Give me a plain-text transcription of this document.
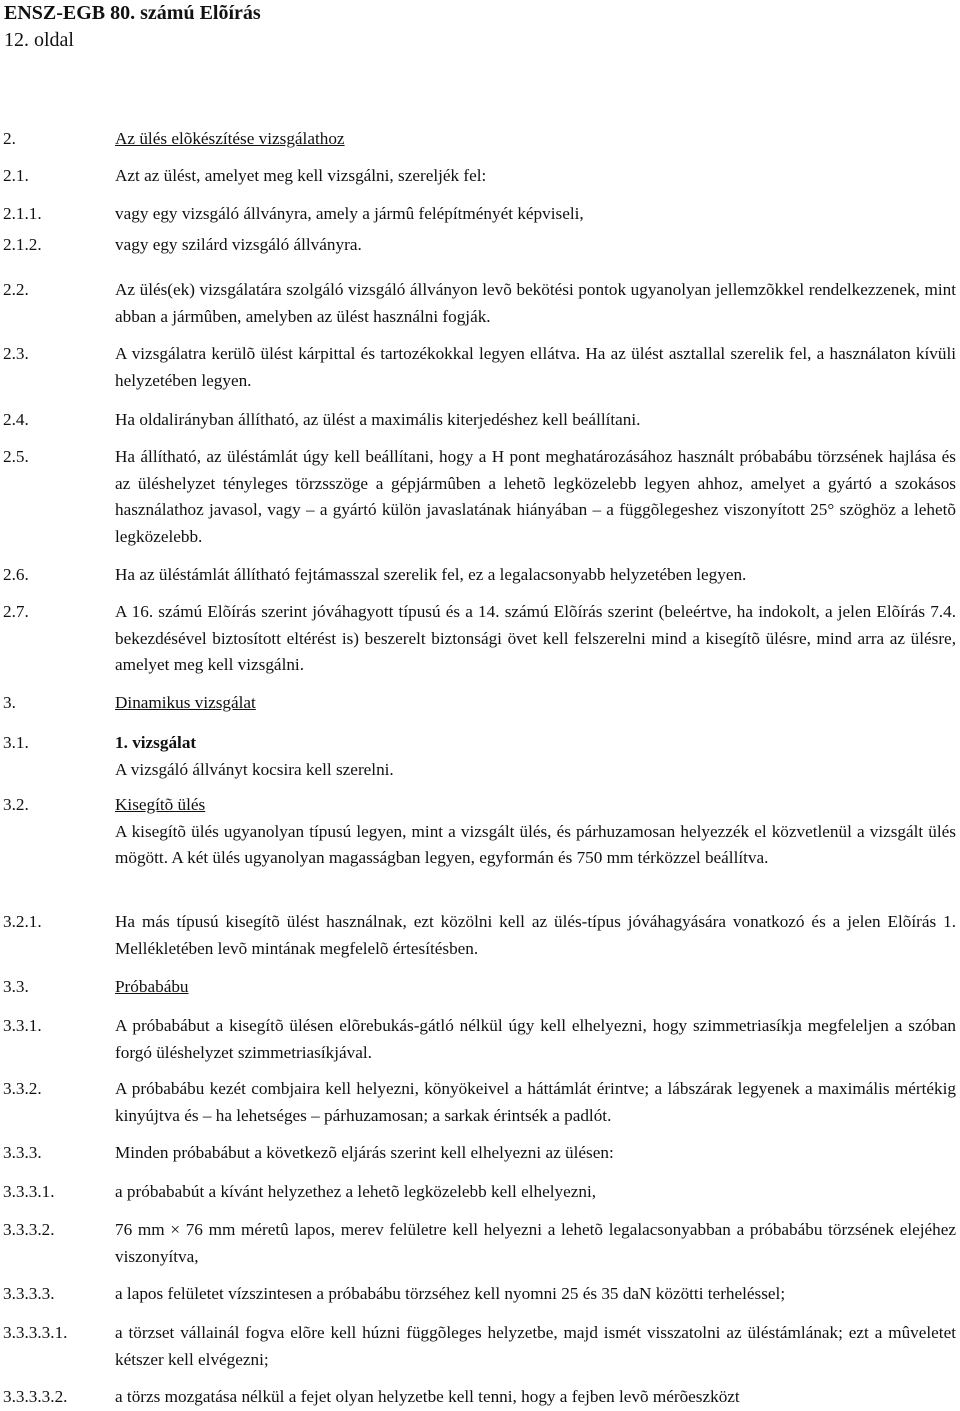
ENSZ-EGB 80. számú Elõírás
12. oldal
2.	Az ülés elõkészítése vizsgálathoz
2.1.	Azt az ülést, amelyet meg kell vizsgálni, szereljék fel:
2.1.1.	vagy egy vizsgáló állványra, amely a jármû felépítményét képviseli,
2.1.2.	vagy egy szilárd vizsgáló állványra.
2.2.	Az ülés(ek) vizsgálatára szolgáló vizsgáló állványon levõ bekötési pontok ugyanolyan jellemzõkkel rendelkezzenek, mint abban a jármûben, amelyben az ülést használni fogják.
2.3.	A vizsgálatra kerülõ ülést kárpittal és tartozékokkal legyen ellátva. Ha az ülést asztallal szerelik fel, a használaton kívüli helyzetében legyen.
2.4.	Ha oldalirányban állítható, az ülést a maximális kiterjedéshez kell beállítani.
2.5.	Ha állítható, az üléstámlát úgy kell beállítani, hogy a H pont meghatározásához használt próbabábu törzsének hajlása és az üléshelyzet tényleges törzsszöge a gépjármûben a lehetõ legközelebb legyen ahhoz, amelyet a gyártó a szokásos használathoz javasol, vagy – a gyártó külön javaslatának hiányában – a függõlegeshez viszonyított 25° szöghöz a lehetõ legközelebb.
2.6.	Ha az üléstámlát állítható fejtámasszal szerelik fel, ez a legalacsonyabb helyzetében legyen.
2.7.	A 16. számú Elõírás szerint jóváhagyott típusú és a 14. számú Elõírás szerint (beleértve, ha indokolt, a jelen Elõírás 7.4. bekezdésével biztosított eltérést is) beszerelt biztonsági övet kell felszerelni mind a kisegítõ ülésre, mind arra az ülésre, amelyet meg kell vizsgálni.
3.	Dinamikus vizsgálat
3.1.	1. vizsgálat
A vizsgáló állványt kocsira kell szerelni.
3.2.	Kisegítõ ülés
A kisegítõ ülés ugyanolyan típusú legyen, mint a vizsgált ülés, és párhuzamosan helyezzék el közvetlenül a vizsgált ülés mögött. A két ülés ugyanolyan magasságban legyen, egyformán és 750 mm térközzel beállítva.
3.2.1.	Ha más típusú kisegítõ ülést használnak, ezt közölni kell az ülés-típus jóváhagyására vonatkozó és a jelen Elõírás 1. Mellékletében levõ mintának megfelelõ értesítésben.
3.3.	Próbabábu
3.3.1.	A próbabábut a kisegítõ ülésen elõrebukás-gátló nélkül úgy kell elhelyezni, hogy szimmetriasíkja megfeleljen a szóban forgó üléshelyzet szimmetriasíkjával.
3.3.2.	A próbabábu kezét combjaira kell helyezni, könyökeivel a háttámlát érintve; a lábszárak legyenek a maximális mértékig kinyújtva és – ha lehetséges – párhuzamosan; a sarkak érintsék a padlót.
3.3.3.	Minden próbabábut a következõ eljárás szerint kell elhelyezni az ülésen:
3.3.3.1.	a próbababút a kívánt helyzethez a lehetõ legközelebb kell elhelyezni,
3.3.3.2.	76 mm × 76 mm méretû lapos, merev felületre kell helyezni a lehetõ legalacsonyabban a próbabábu törzsének elejéhez viszonyítva,
3.3.3.3.	a lapos felületet vízszintesen a próbabábu törzséhez kell nyomni 25 és 35 daN közötti terheléssel;
3.3.3.3.1.	a törzset vállainál fogva elõre kell húzni függõleges helyzetbe, majd ismét visszatolni az üléstámlának; ezt a mûveletet kétszer kell elvégezni;
3.3.3.3.2.	a törzs mozgatása nélkül a fejet olyan helyzetbe kell tenni, hogy a fejben levõ mérõeszközt
